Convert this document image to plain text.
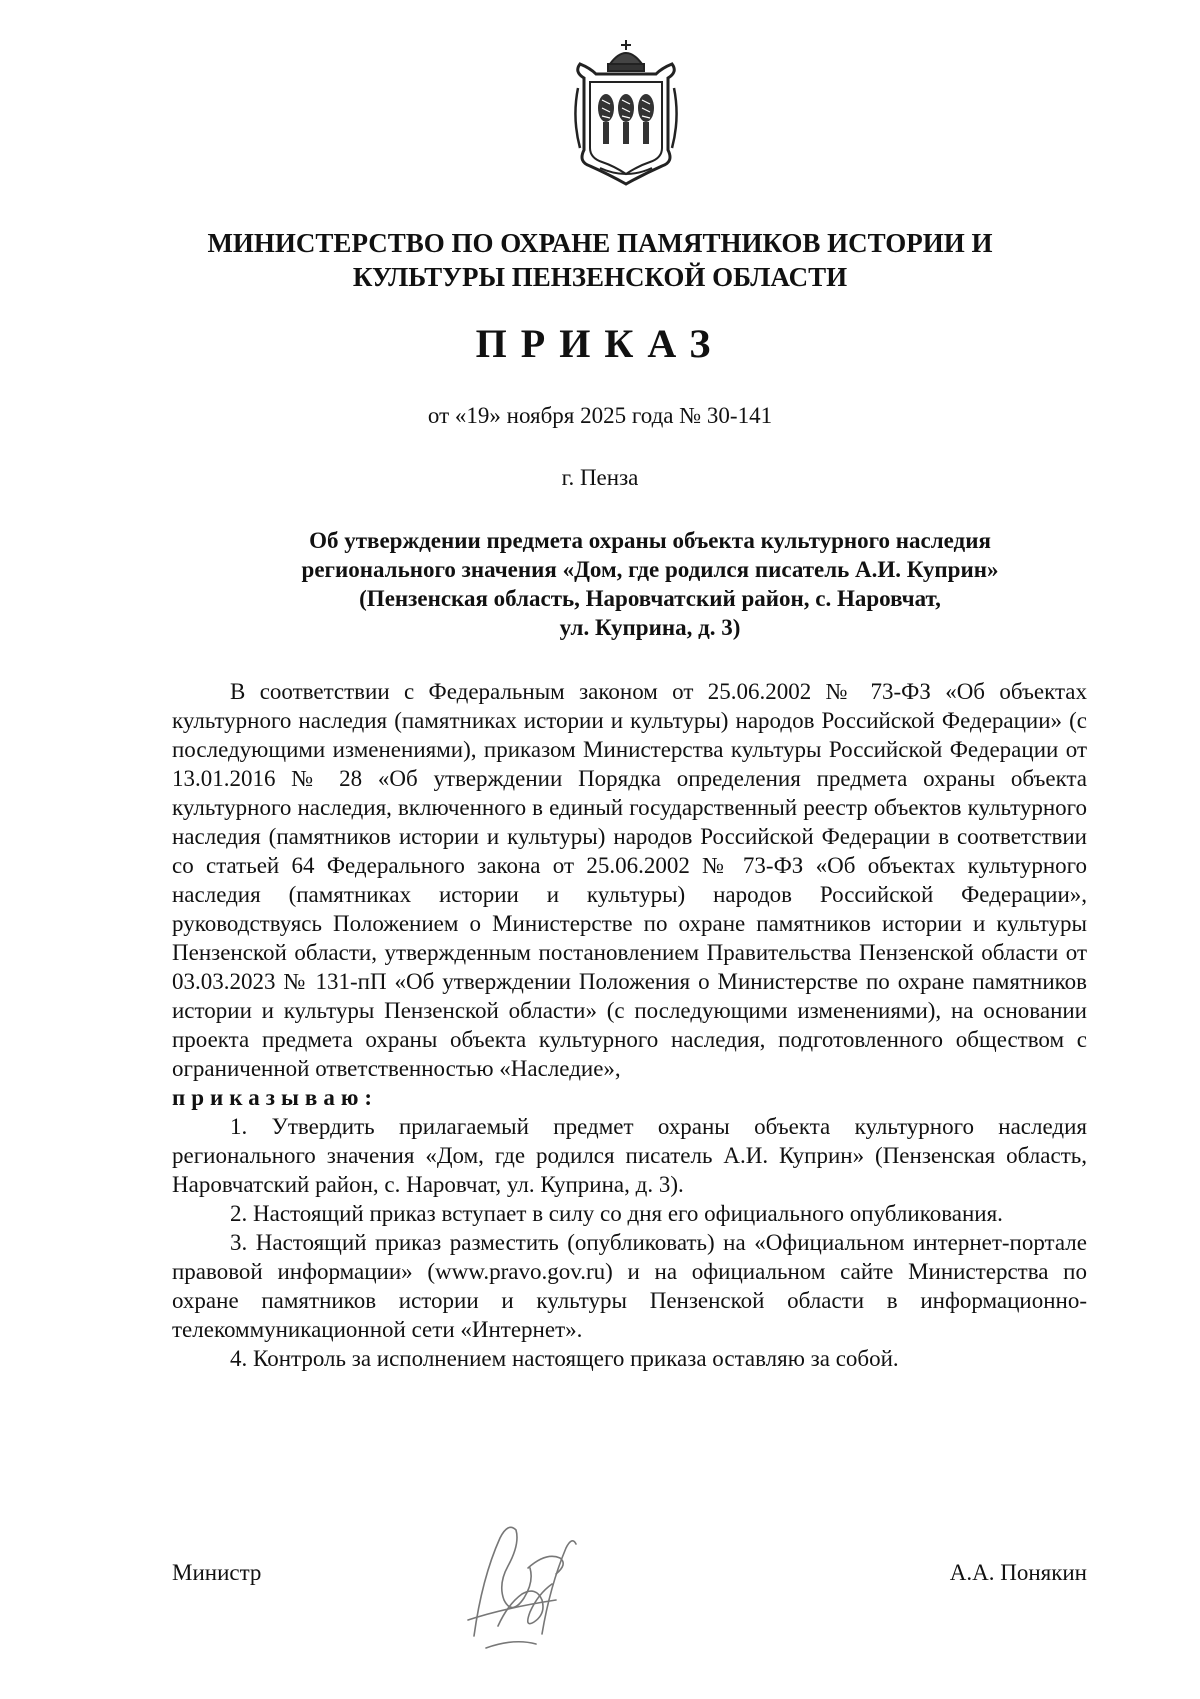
МИНИСТЕРСТВО ПО ОХРАНЕ ПАМЯТНИКОВ ИСТОРИИ И
КУЛЬТУРЫ ПЕНЗЕНСКОЙ ОБЛАСТИ
ПРИКАЗ
от «19» ноября 2025 года № 30-141
г. Пенза
Об утверждении предмета охраны объекта культурного наследия
регионального значения «Дом, где родился писатель А.И. Куприн»
(Пензенская область, Наровчатский район, с. Наровчат,
ул. Куприна, д. 3)

В соответствии с Федеральным законом от 25.06.2002 № 73-ФЗ «Об объектах культурного наследия (памятниках истории и культуры) народов Российской Федерации» (с последующими изменениями), приказом Министерства культуры Российской Федерации от 13.01.2016 № 28 «Об утверждении Порядка определения предмета охраны объекта культурного наследия, включенного в единый государственный реестр объектов культурного наследия (памятников истории и культуры) народов Российской Федерации в соответствии со статьей 64 Федерального закона от 25.06.2002 № 73-ФЗ «Об объектах культурного наследия (памятниках истории и культуры) народов Российской Федерации», руководствуясь Положением о Министерстве по охране памятников истории и культуры Пензенской области, утвержденным постановлением Правительства Пензенской области от 03.03.2023 № 131-пП «Об утверждении Положения о Министерстве по охране памятников истории и культуры Пензенской области» (с последующими изменениями), на основании проекта предмета охраны объекта культурного наследия, подготовленного обществом с ограниченной ответственностью «Наследие»,

приказываю:

1. Утвердить прилагаемый предмет охраны объекта культурного наследия регионального значения «Дом, где родился писатель А.И. Куприн» (Пензенская область, Наровчатский район, с. Наровчат, ул. Куприна, д. 3).

2. Настоящий приказ вступает в силу со дня его официального опубликования.

3. Настоящий приказ разместить (опубликовать) на «Официальном интернет-портале правовой информации» (www.pravo.gov.ru) и на официальном сайте Министерства по охране памятников истории и культуры Пензенской области в информационно-телекоммуникационной сети «Интернет».

4. Контроль за исполнением настоящего приказа оставляю за собой.

Министр	А.А. Понякин
